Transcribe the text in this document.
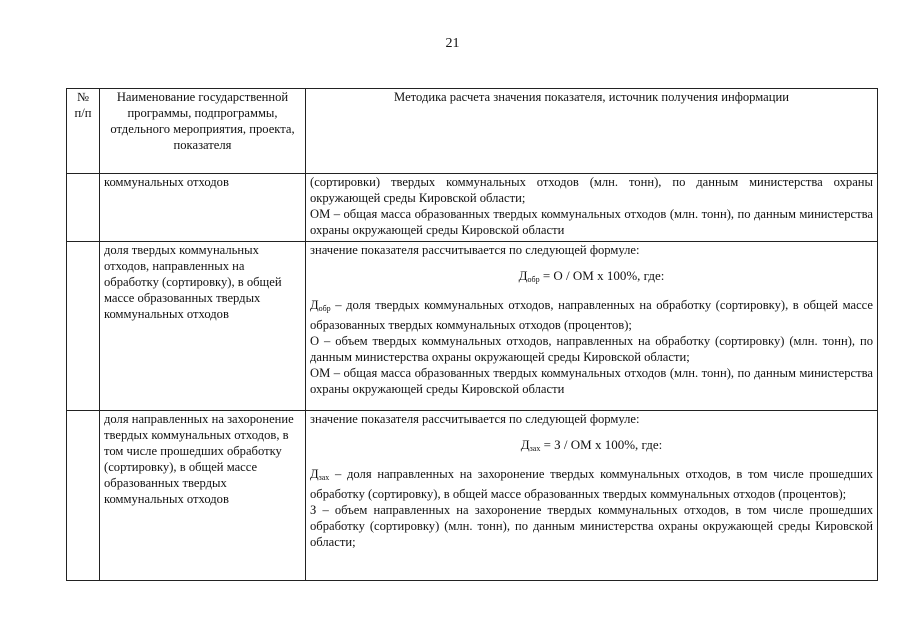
21
№ п/п	Наименование государственной программы, подпрограммы, отдельного мероприятия, проекта, показателя	Методика расчета значения показателя, источник получения информации
	коммунальных отходов	(сортировки) твердых коммунальных отходов (млн. тонн), по данным министерства охраны окружающей среды Кировской области;

ОМ – общая масса образованных твердых коммунальных отходов (млн. тонн), по данным министерства охраны окружающей среды Кировской области

	доля твердых коммунальных отходов, направленных на обработку (сортировку), в общей массе образованных твердых коммунальных отходов	значение показателя рассчитывается по следующей формуле:

$Д_{обр} = О$ / ОМ х 100%, где:

$Д_{обр}$ – доля твердых коммунальных отходов, направленных на обработку (сортировку), в общей массе образованных твердых коммунальных отходов (процентов);

О – объем твердых коммунальных отходов, направленных на обработку (сортировку) (млн. тонн), по данным министерства охраны окружающей среды Кировской области;

ОМ – общая масса образованных твердых коммунальных отходов (млн. тонн), по данным министерства охраны окружающей среды Кировской области

	доля направленных на захоронение твердых коммунальных отходов, в том числе прошедших обработку (сортировку), в общей массе образованных твердых коммунальных отходов	значение показателя рассчитывается по следующей формуле:

$Д_{зах} = З$ / ОМ х 100%, где:

$Д_{зах}$ – доля направленных на захоронение твердых коммунальных отходов, в том числе прошедших обработку (сортировку), в общей массе образованных твердых коммунальных отходов (процентов);

З – объем направленных на захоронение твердых коммунальных отходов, в том числе прошедших обработку (сортировку) (млн. тонн), по данным министерства охраны окружающей среды Кировской области;
